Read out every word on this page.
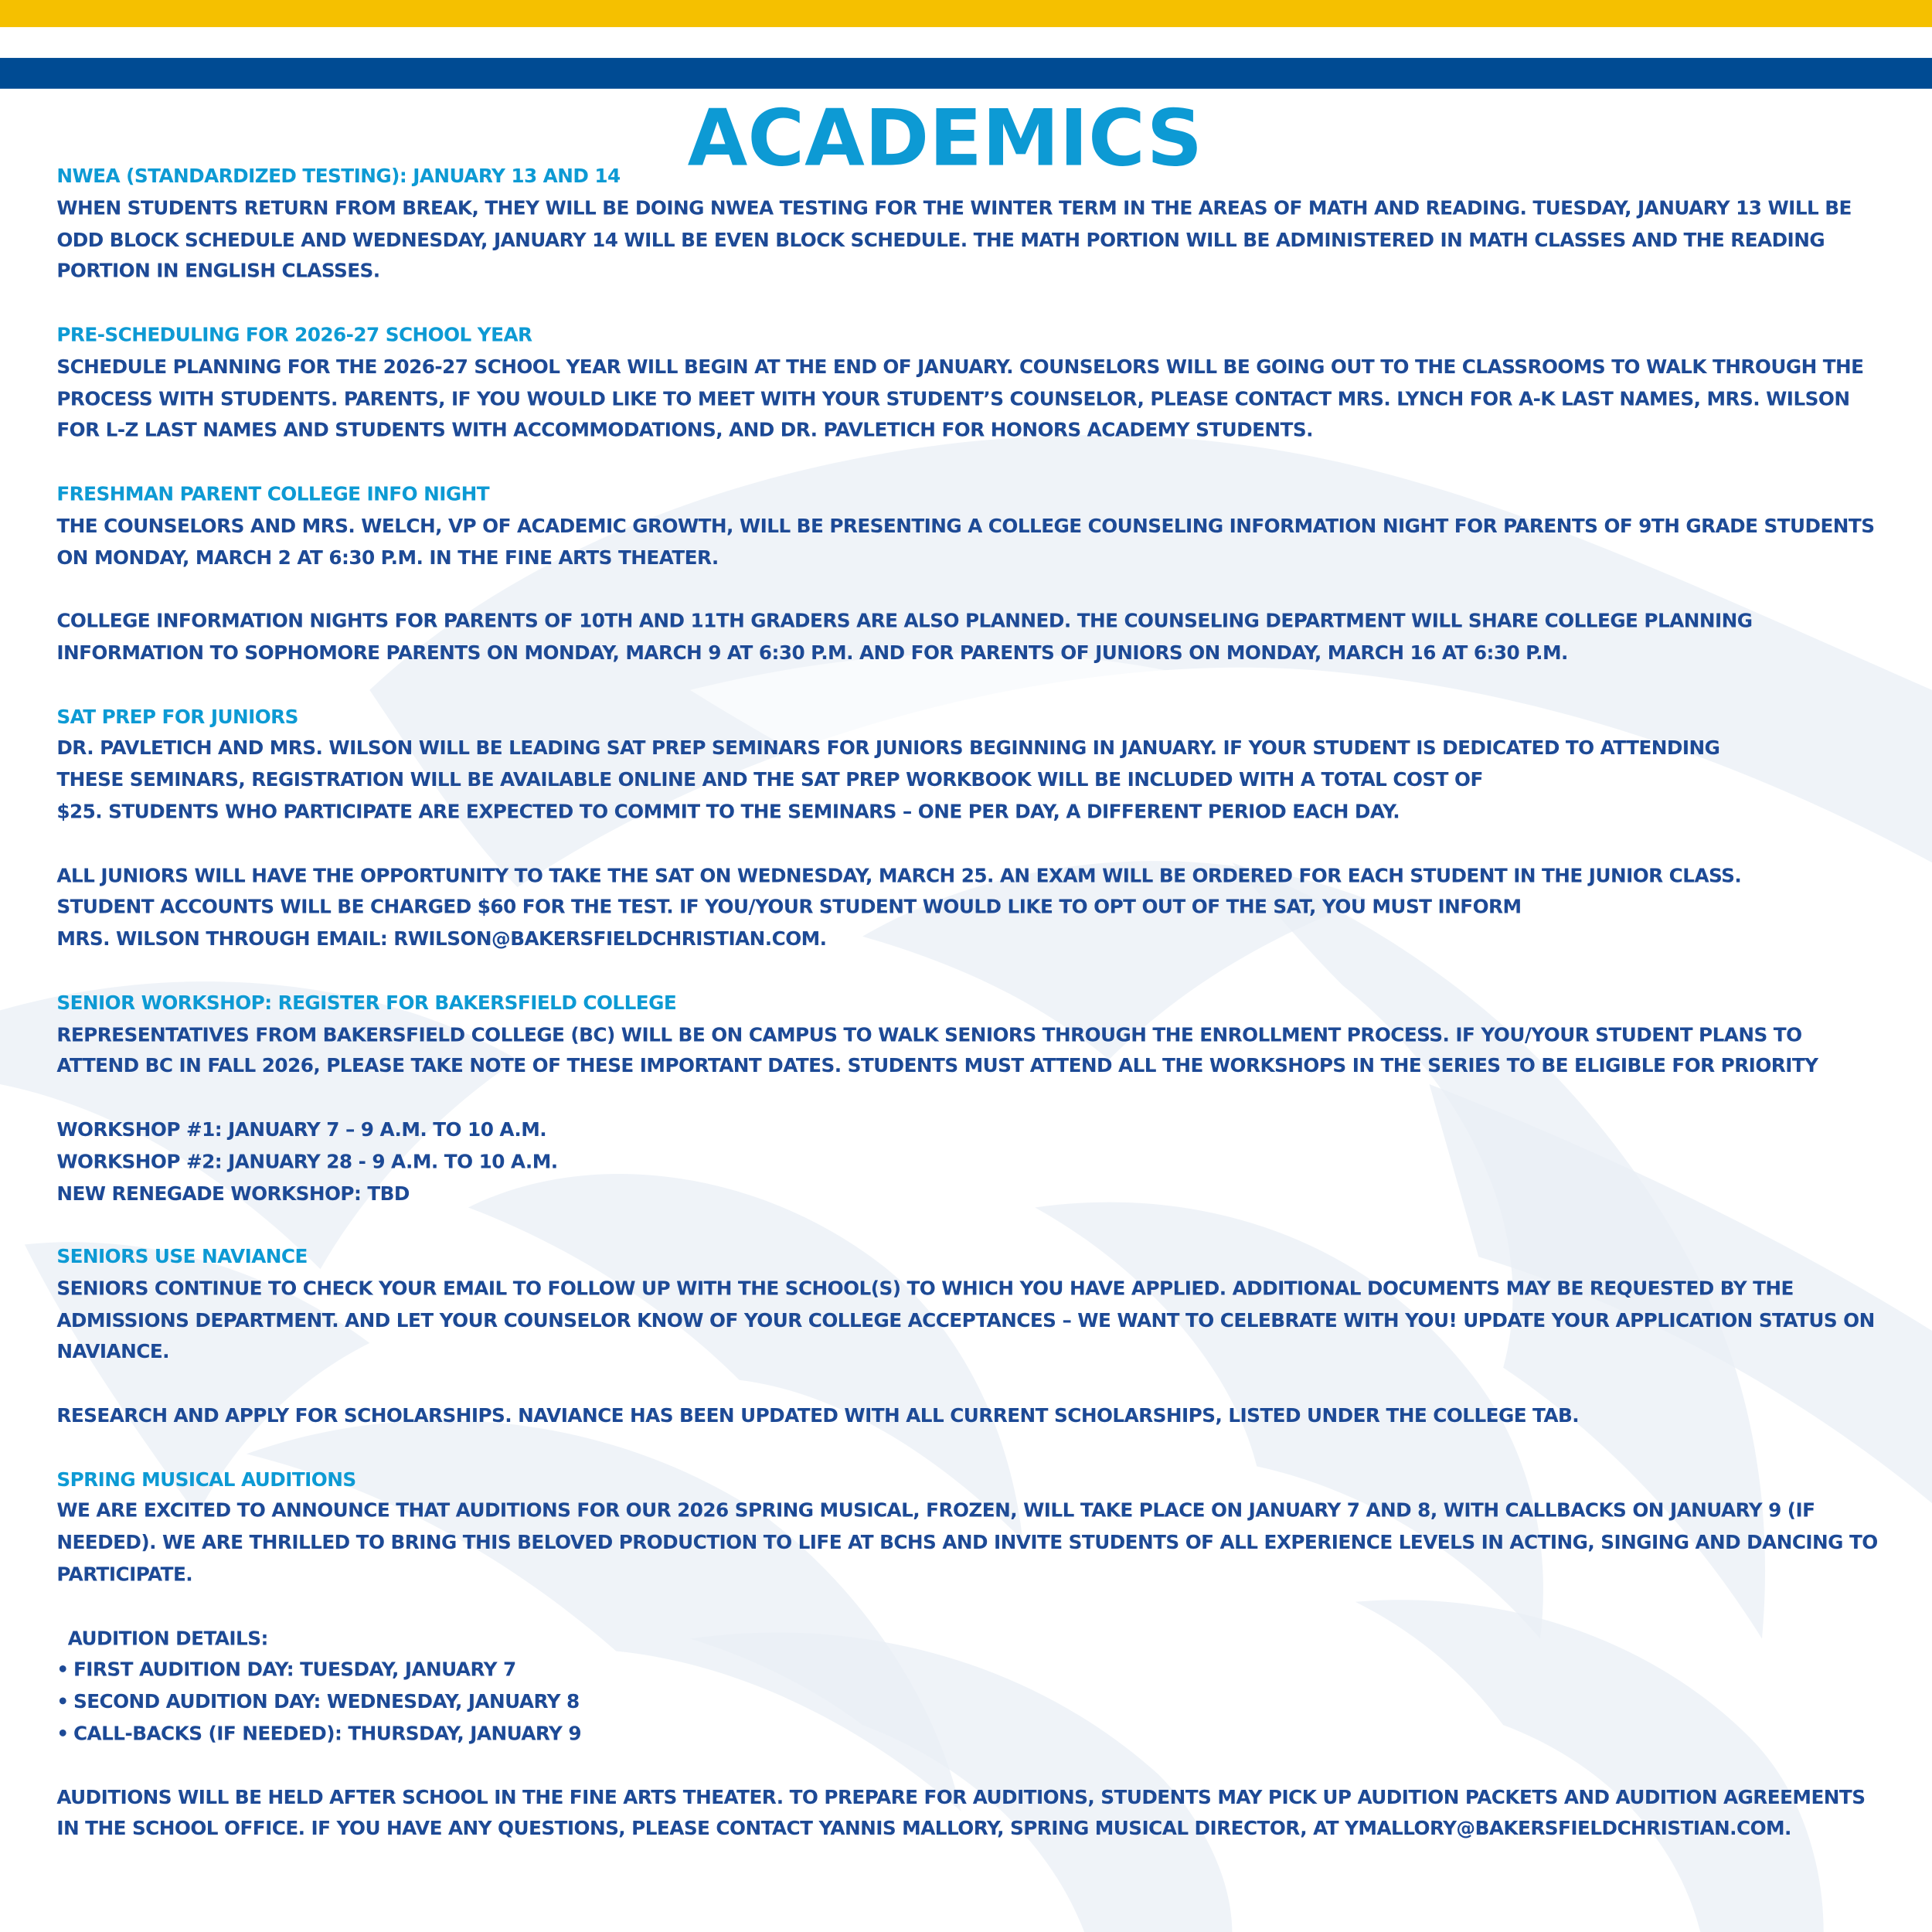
ACADEMICS

NWEA (STANDARDIZED TESTING): JANUARY 13 AND 14

WHEN STUDENTS RETURN FROM BREAK, THEY WILL BE DOING NWEA TESTING FOR THE WINTER TERM IN THE AREAS OF MATH AND READING. TUESDAY, JANUARY 13 WILL BE ODD BLOCK SCHEDULE AND WEDNESDAY, JANUARY 14 WILL BE EVEN BLOCK SCHEDULE. THE MATH PORTION WILL BE ADMINISTERED IN MATH CLASSES AND THE READING PORTION IN ENGLISH CLASSES.

PRE-SCHEDULING FOR 2026-27 SCHOOL YEAR

SCHEDULE PLANNING FOR THE 2026-27 SCHOOL YEAR WILL BEGIN AT THE END OF JANUARY. COUNSELORS WILL BE GOING OUT TO THE CLASSROOMS TO WALK THROUGH THE PROCESS WITH STUDENTS. PARENTS, IF YOU WOULD LIKE TO MEET WITH YOUR STUDENT’S COUNSELOR, PLEASE CONTACT MRS. LYNCH FOR A-K LAST NAMES, MRS. WILSON FOR L-Z LAST NAMES AND STUDENTS WITH ACCOMMODATIONS, AND DR. PAVLETICH FOR HONORS ACADEMY STUDENTS.

FRESHMAN PARENT COLLEGE INFO NIGHT

THE COUNSELORS AND MRS. WELCH, VP OF ACADEMIC GROWTH, WILL BE PRESENTING A COLLEGE COUNSELING INFORMATION NIGHT FOR PARENTS OF 9TH GRADE STUDENTS ON MONDAY, MARCH 2 AT 6:30 P.M. IN THE FINE ARTS THEATER.

COLLEGE INFORMATION NIGHTS FOR PARENTS OF 10TH AND 11TH GRADERS ARE ALSO PLANNED. THE COUNSELING DEPARTMENT WILL SHARE COLLEGE PLANNING INFORMATION TO SOPHOMORE PARENTS ON MONDAY, MARCH 9 AT 6:30 P.M. AND FOR PARENTS OF JUNIORS ON MONDAY, MARCH 16 AT 6:30 P.M.

SAT PREP FOR JUNIORS

DR. PAVLETICH AND MRS. WILSON WILL BE LEADING SAT PREP SEMINARS FOR JUNIORS BEGINNING IN JANUARY. IF YOUR STUDENT IS DEDICATED TO ATTENDING

THESE SEMINARS, REGISTRATION WILL BE AVAILABLE ONLINE AND THE SAT PREP WORKBOOK WILL BE INCLUDED WITH A TOTAL COST OF

$25. STUDENTS WHO PARTICIPATE ARE EXPECTED TO COMMIT TO THE SEMINARS – ONE PER DAY, A DIFFERENT PERIOD EACH DAY.

ALL JUNIORS WILL HAVE THE OPPORTUNITY TO TAKE THE SAT ON WEDNESDAY, MARCH 25. AN EXAM WILL BE ORDERED FOR EACH STUDENT IN THE JUNIOR CLASS.

STUDENT ACCOUNTS WILL BE CHARGED $60 FOR THE TEST. IF YOU/YOUR STUDENT WOULD LIKE TO OPT OUT OF THE SAT, YOU MUST INFORM

MRS. WILSON THROUGH EMAIL: RWILSON@BAKERSFIELDCHRISTIAN.COM.

SENIOR WORKSHOP: REGISTER FOR BAKERSFIELD COLLEGE

REPRESENTATIVES FROM BAKERSFIELD COLLEGE (BC) WILL BE ON CAMPUS TO WALK SENIORS THROUGH THE ENROLLMENT PROCESS. IF YOU/YOUR STUDENT PLANS TO ATTEND BC IN FALL 2026, PLEASE TAKE NOTE OF THESE IMPORTANT DATES. STUDENTS MUST ATTEND ALL THE WORKSHOPS IN THE SERIES TO BE ELIGIBLE FOR PRIORITY

WORKSHOP #1: JANUARY 7 – 9 A.M. TO 10 A.M.

WORKSHOP #2: JANUARY 28 - 9 A.M. TO 10 A.M.

NEW RENEGADE WORKSHOP: TBD

SENIORS USE NAVIANCE

SENIORS CONTINUE TO CHECK YOUR EMAIL TO FOLLOW UP WITH THE SCHOOL(S) TO WHICH YOU HAVE APPLIED. ADDITIONAL DOCUMENTS MAY BE REQUESTED BY THE ADMISSIONS DEPARTMENT. AND LET YOUR COUNSELOR KNOW OF YOUR COLLEGE ACCEPTANCES – WE WANT TO CELEBRATE WITH YOU! UPDATE YOUR APPLICATION STATUS ON NAVIANCE.

RESEARCH AND APPLY FOR SCHOLARSHIPS. NAVIANCE HAS BEEN UPDATED WITH ALL CURRENT SCHOLARSHIPS, LISTED UNDER THE COLLEGE TAB.

SPRING MUSICAL AUDITIONS

WE ARE EXCITED TO ANNOUNCE THAT AUDITIONS FOR OUR 2026 SPRING MUSICAL, FROZEN, WILL TAKE PLACE ON JANUARY 7 AND 8, WITH CALLBACKS ON JANUARY 9 (IF NEEDED). WE ARE THRILLED TO BRING THIS BELOVED PRODUCTION TO LIFE AT BCHS AND INVITE STUDENTS OF ALL EXPERIENCE LEVELS IN ACTING, SINGING AND DANCING TO PARTICIPATE.

AUDITION DETAILS:

• FIRST AUDITION DAY: TUESDAY, JANUARY 7
• SECOND AUDITION DAY: WEDNESDAY, JANUARY 8
• CALL-BACKS (IF NEEDED): THURSDAY, JANUARY 9

AUDITIONS WILL BE HELD AFTER SCHOOL IN THE FINE ARTS THEATER. TO PREPARE FOR AUDITIONS, STUDENTS MAY PICK UP AUDITION PACKETS AND AUDITION AGREEMENTS IN THE SCHOOL OFFICE. IF YOU HAVE ANY QUESTIONS, PLEASE CONTACT YANNIS MALLORY, SPRING MUSICAL DIRECTOR, AT YMALLORY@BAKERSFIELDCHRISTIAN.COM.
